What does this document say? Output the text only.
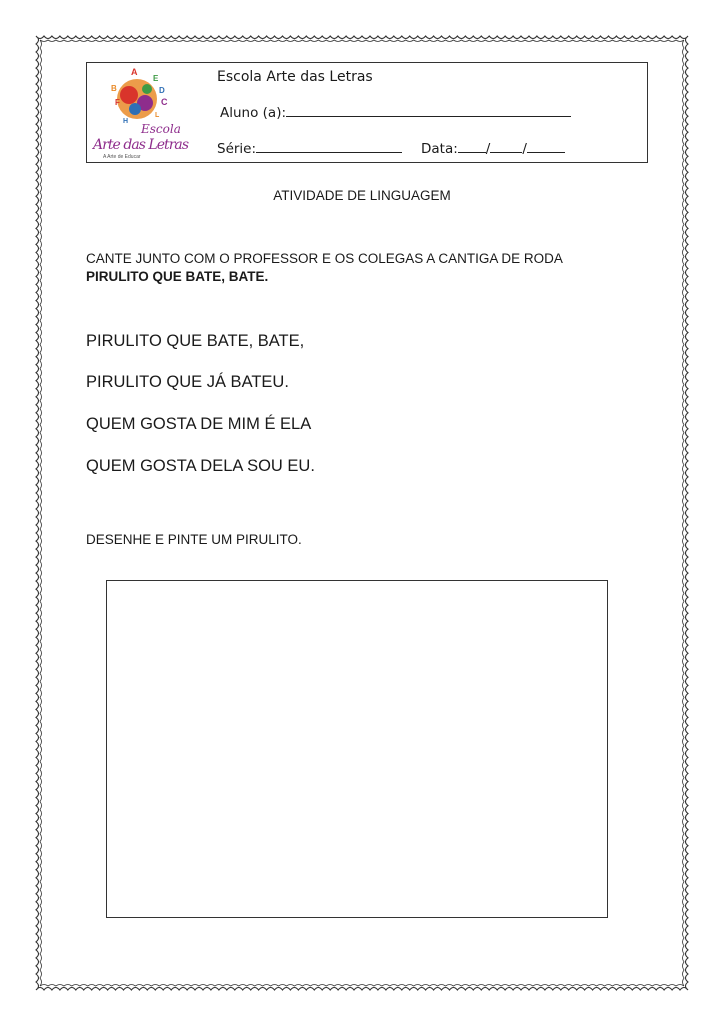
A
B
C
D
E
F
H
L
Escola
Arte das Letras
A Arte de Educar
Escola Arte das Letras
Aluno (a):
Série:	Data: / /
ATIVIDADE DE LINGUAGEM
CANTE JUNTO COM O PROFESSOR E OS COLEGAS A CANTIGA DE RODA
PIRULITO QUE BATE, BATE.
PIRULITO QUE BATE, BATE,
PIRULITO QUE JÁ BATEU.
QUEM GOSTA DE MIM É ELA
QUEM GOSTA DELA SOU EU.
DESENHE E PINTE UM PIRULITO.
